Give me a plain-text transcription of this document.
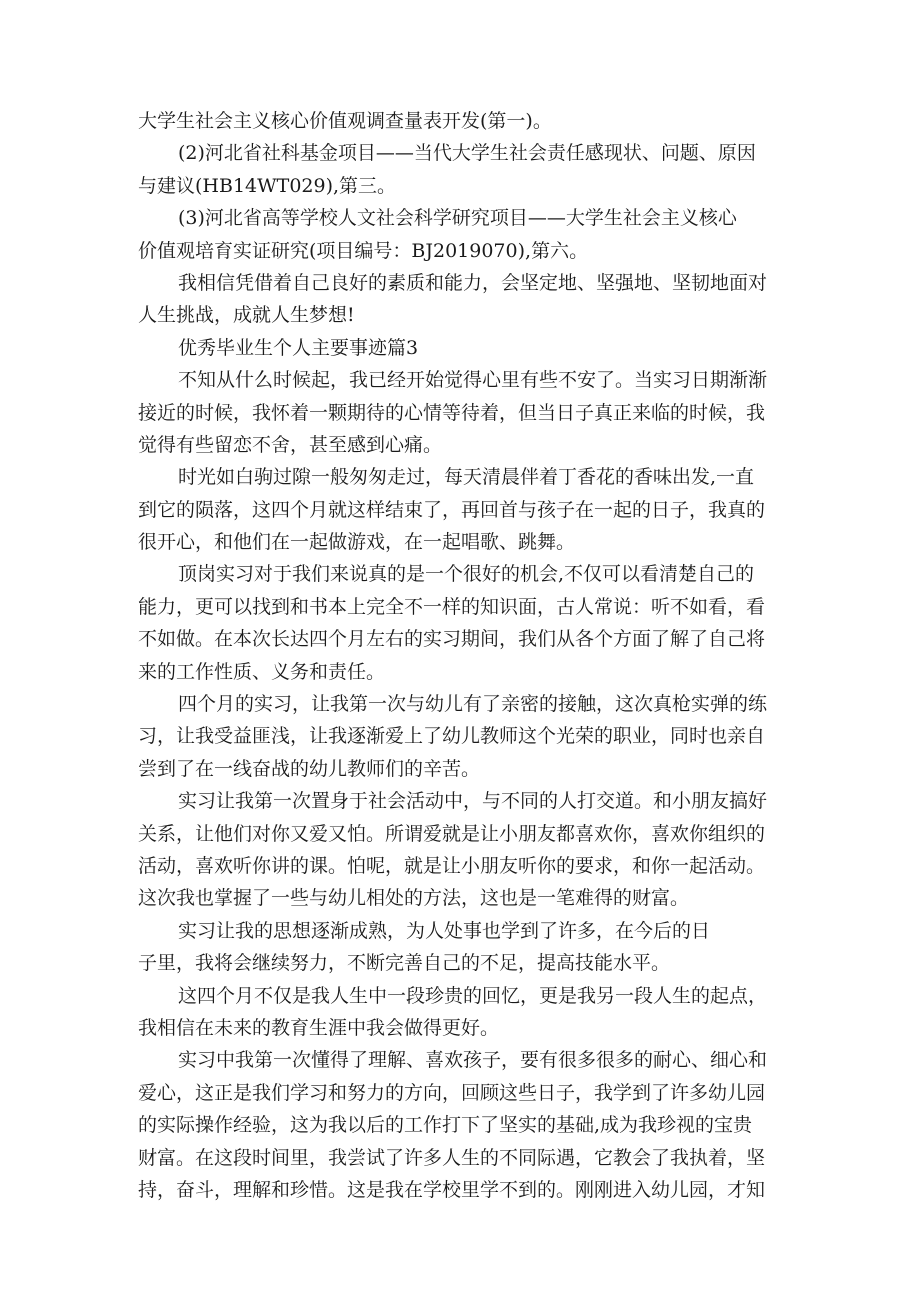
大学生社会主义核心价值观调查量表开发(第一)。
(2)河北省社科基金项目——当代大学生社会责任感现状、问题、原因
与建议(HB14WT029),第三。
(3)河北省高等学校人文社会科学研究项目——大学生社会主义核心
价值观培育实证研究(项目编号：BJ2019070),第六。
我相信凭借着自己良好的素质和能力，会坚定地、坚强地、坚韧地面对
人生挑战，成就人生梦想!
优秀毕业生个人主要事迹篇3
不知从什么时候起，我已经开始觉得心里有些不安了。当实习日期渐渐
接近的时候，我怀着一颗期待的心情等待着，但当日子真正来临的时候，我
觉得有些留恋不舍，甚至感到心痛。
时光如白驹过隙一般匆匆走过，每天清晨伴着丁香花的香味出发,一直
到它的陨落，这四个月就这样结束了，再回首与孩子在一起的日子，我真的
很开心，和他们在一起做游戏，在一起唱歌、跳舞。
顶岗实习对于我们来说真的是一个很好的机会,不仅可以看清楚自己的
能力，更可以找到和书本上完全不一样的知识面，古人常说：听不如看，看
不如做。在本次长达四个月左右的实习期间，我们从各个方面了解了自己将
来的工作性质、义务和责任。
四个月的实习，让我第一次与幼儿有了亲密的接触，这次真枪实弹的练
习，让我受益匪浅，让我逐渐爱上了幼儿教师这个光荣的职业，同时也亲自
尝到了在一线奋战的幼儿教师们的辛苦。
实习让我第一次置身于社会活动中，与不同的人打交道。和小朋友搞好
关系，让他们对你又爱又怕。所谓爱就是让小朋友都喜欢你，喜欢你组织的
活动，喜欢听你讲的课。怕呢，就是让小朋友听你的要求，和你一起活动。
这次我也掌握了一些与幼儿相处的方法，这也是一笔难得的财富。
实习让我的思想逐渐成熟，为人处事也学到了许多，在今后的日
子里，我将会继续努力，不断完善自己的不足，提高技能水平。
这四个月不仅是我人生中一段珍贵的回忆，更是我另一段人生的起点，
我相信在未来的教育生涯中我会做得更好。
实习中我第一次懂得了理解、喜欢孩子，要有很多很多的耐心、细心和
爱心，这正是我们学习和努力的方向，回顾这些日子，我学到了许多幼儿园
的实际操作经验，这为我以后的工作打下了坚实的基础,成为我珍视的宝贵
财富。在这段时间里，我尝试了许多人生的不同际遇，它教会了我执着，坚
持，奋斗，理解和珍惜。这是我在学校里学不到的。刚刚进入幼儿园，才知
